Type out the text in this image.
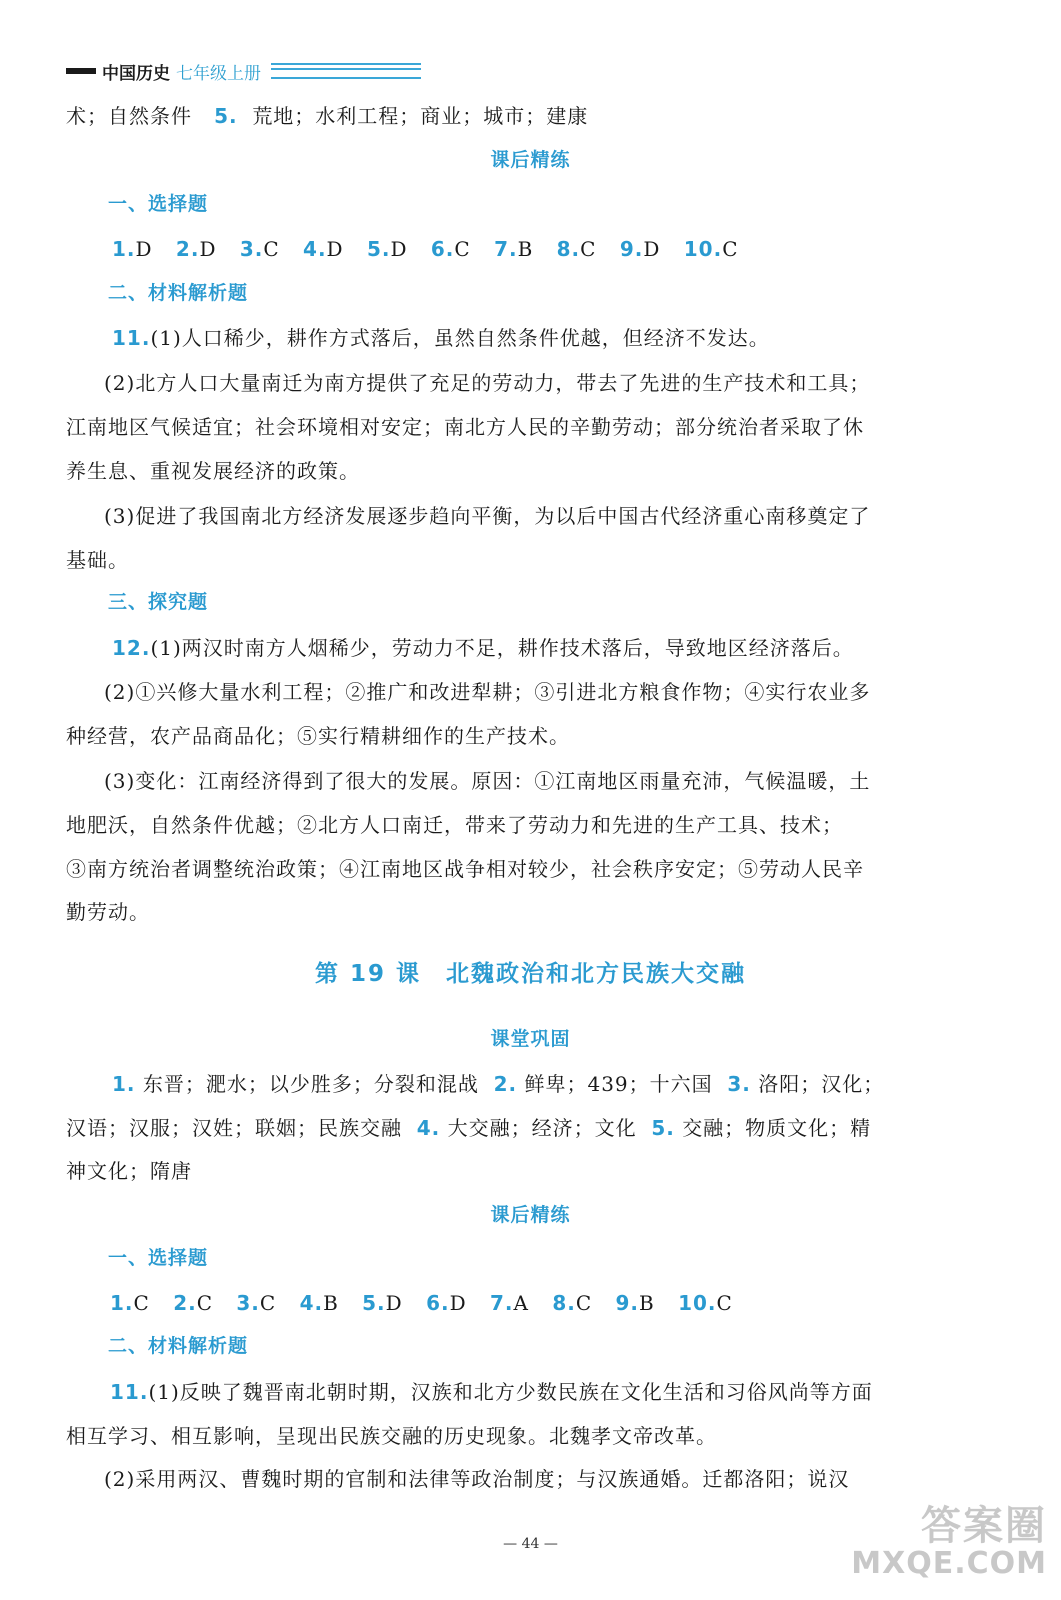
中国历史 七年级上册
术；自然条件 5. 荒地；水利工程；商业；城市；建康
课后精练
一、选择题
1.D 2.D 3.C 4.D 5.D 6.C 7.B 8.C 9.D 10.C
二、材料解析题
11.(1)人口稀少，耕作方式落后，虽然自然条件优越，但经济不发达。
(2)北方人口大量南迁为南方提供了充足的劳动力，带去了先进的生产技术和工具；
江南地区气候适宜；社会环境相对安定；南北方人民的辛勤劳动；部分统治者采取了休
养生息、重视发展经济的政策。
(3)促进了我国南北方经济发展逐步趋向平衡，为以后中国古代经济重心南移奠定了
基础。
三、探究题
12.(1)两汉时南方人烟稀少，劳动力不足，耕作技术落后，导致地区经济落后。
(2)①兴修大量水利工程；②推广和改进犁耕；③引进北方粮食作物；④实行农业多
种经营，农产品商品化；⑤实行精耕细作的生产技术。
(3)变化：江南经济得到了很大的发展。原因：①江南地区雨量充沛，气候温暖，土
地肥沃，自然条件优越；②北方人口南迁，带来了劳动力和先进的生产工具、技术；
③南方统治者调整统治政策；④江南地区战争相对较少，社会秩序安定；⑤劳动人民辛
勤劳动。
第 19 课　北魏政治和北方民族大交融
课堂巩固
1. 东晋；淝水；以少胜多；分裂和混战 2. 鲜卑；439；十六国 3. 洛阳；汉化；
汉语；汉服；汉姓；联姻；民族交融 4. 大交融；经济；文化 5. 交融；物质文化；精
神文化；隋唐
课后精练
一、选择题
1.C 2.C 3.C 4.B 5.D 6.D 7.A 8.C 9.B 10.C
二、材料解析题
11.(1)反映了魏晋南北朝时期，汉族和北方少数民族在文化生活和习俗风尚等方面
相互学习、相互影响，呈现出民族交融的历史现象。北魏孝文帝改革。
(2)采用两汉、曹魏时期的官制和法律等政治制度；与汉族通婚。迁都洛阳；说汉
— 44 —	答案圈
MXQE.COM
